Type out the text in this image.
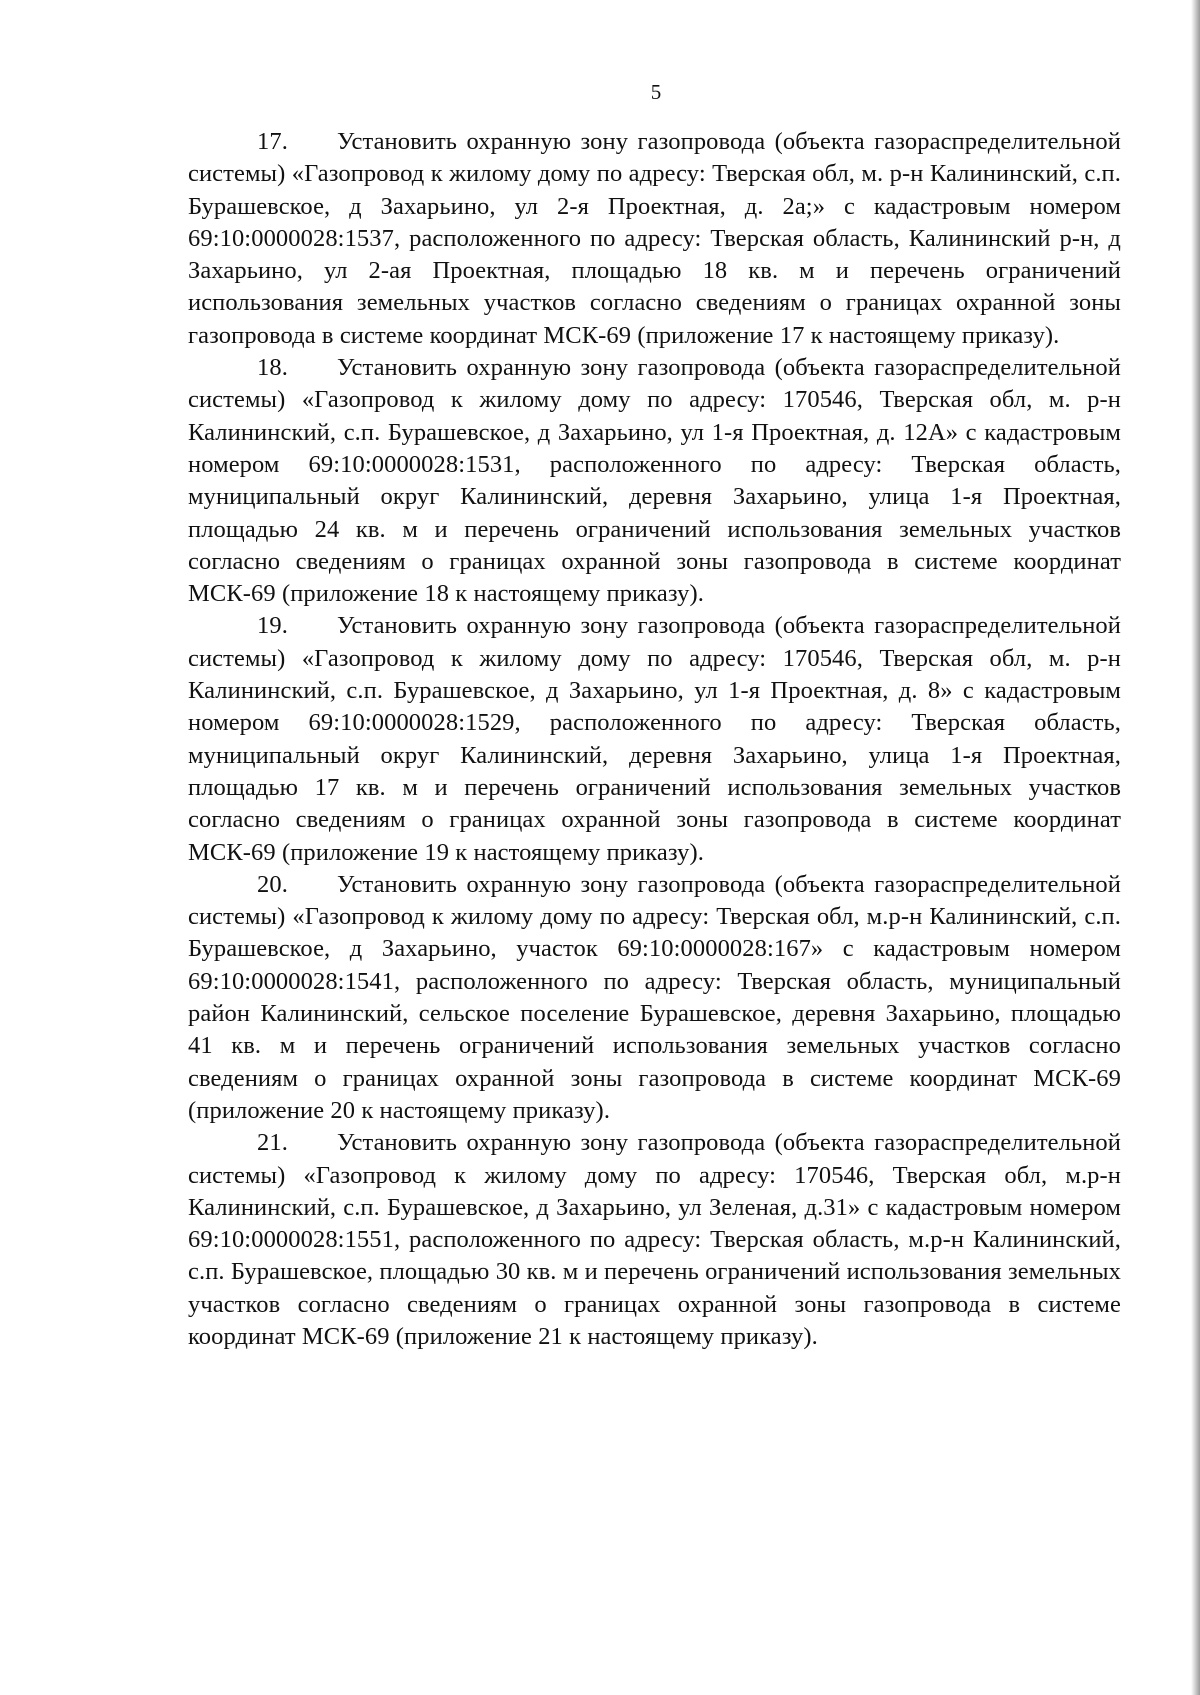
5

17. Установить охранную зону газопровода (объекта газораспределительной системы) «Газопровод к жилому дому по адресу: Тверская обл, м. р-н Калининский, с.п. Бурашевское, д Захарьино, ул 2-я Проектная, д. 2а;» с кадастровым номером 69:10:0000028:1537, расположенного по адресу: Тверская область, Калининский р-н, д Захарьино, ул 2-ая Проектная, площадью 18 кв. м и перечень ограничений использования земельных участков согласно сведениям о границах охранной зоны газопровода в системе координат МСК-69 (приложение 17 к настоящему приказу).

18. Установить охранную зону газопровода (объекта газораспределительной системы) «Газопровод к жилому дому по адресу: 170546, Тверская обл, м. р-н Калининский, с.п. Бурашевское, д Захарьино, ул 1-я Проектная, д. 12А» с кадастровым номером 69:10:0000028:1531, расположенного по адресу: Тверская область, муниципальный округ Калининский, деревня Захарьино, улица 1-я Проектная, площадью 24 кв. м и перечень ограничений использования земельных участков согласно сведениям о границах охранной зоны газопровода в системе координат МСК-69 (приложение 18 к настоящему приказу).

19. Установить охранную зону газопровода (объекта газораспределительной системы) «Газопровод к жилому дому по адресу: 170546, Тверская обл, м. р-н Калининский, с.п. Бурашевское, д Захарьино, ул 1-я Проектная, д. 8» с кадастровым номером 69:10:0000028:1529, расположенного по адресу: Тверская область, муниципальный округ Калининский, деревня Захарьино, улица 1-я Проектная, площадью 17 кв. м и перечень ограничений использования земельных участков согласно сведениям о границах охранной зоны газопровода в системе координат МСК-69 (приложение 19 к настоящему приказу).

20. Установить охранную зону газопровода (объекта газораспределительной системы) «Газопровод к жилому дому по адресу: Тверская обл, м.р-н Калининский, с.п. Бурашевское, д Захарьино, участок 69:10:0000028:167» с кадастровым номером 69:10:0000028:1541, расположенного по адресу: Тверская область, муниципальный район Калининский, сельское поселение Бурашевское, деревня Захарьино, площадью 41 кв. м и перечень ограничений использования земельных участков согласно сведениям о границах охранной зоны газопровода в системе координат МСК-69 (приложение 20 к настоящему приказу).

21. Установить охранную зону газопровода (объекта газораспределительной системы) «Газопровод к жилому дому по адресу: 170546, Тверская обл, м.р-н Калининский, с.п. Бурашевское, д Захарьино, ул Зеленая, д.31» с кадастровым номером 69:10:0000028:1551, расположенного по адресу: Тверская область, м.р-н Калининский, с.п. Бурашевское, площадью 30 кв. м и перечень ограничений использования земельных участков согласно сведениям о границах охранной зоны газопровода в системе координат МСК-69 (приложение 21 к настоящему приказу).
